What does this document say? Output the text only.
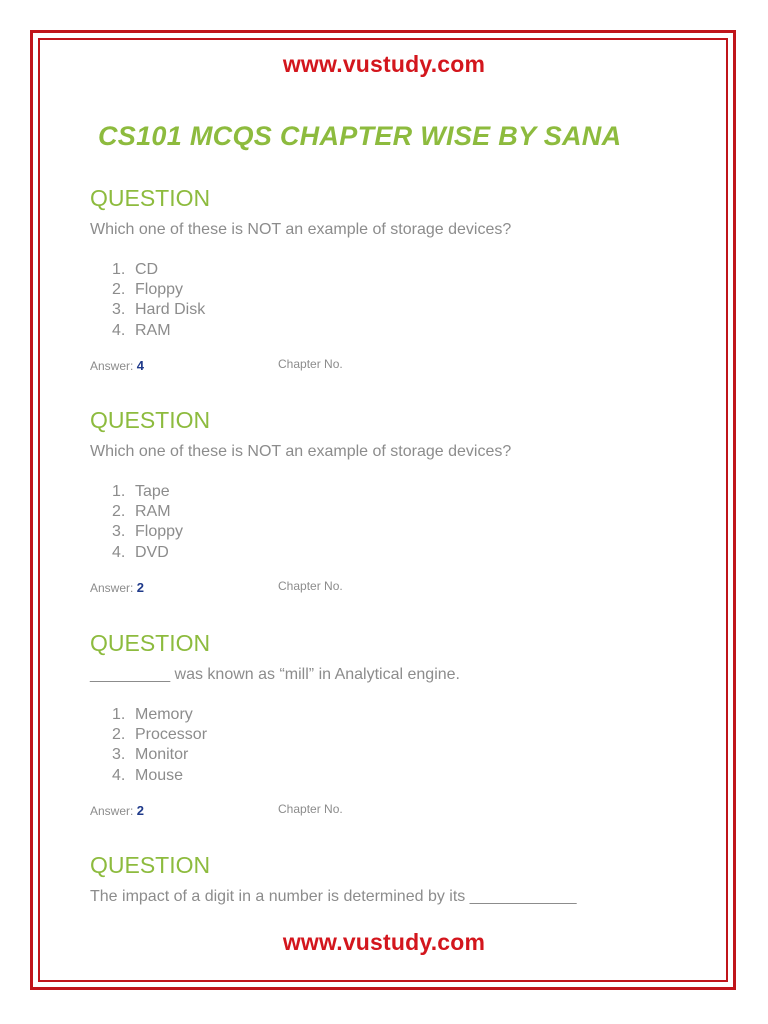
www.vustudy.com
CS101 MCQS CHAPTER WISE BY SANA
QUESTION
Which one of these is NOT an example of storage devices?
1. CD
2. Floppy
3. Hard Disk
4. RAM
Answer: 4	Chapter No.
QUESTION
Which one of these is NOT an example of storage devices?
1. Tape
2. RAM
3. Floppy
4. DVD
Answer: 2	Chapter No.
QUESTION
_________ was known as “mill” in Analytical engine.
1. Memory
2. Processor
3. Monitor
4. Mouse
Answer: 2	Chapter No.
QUESTION
The impact of a digit in a number is determined by its ____________
www.vustudy.com
